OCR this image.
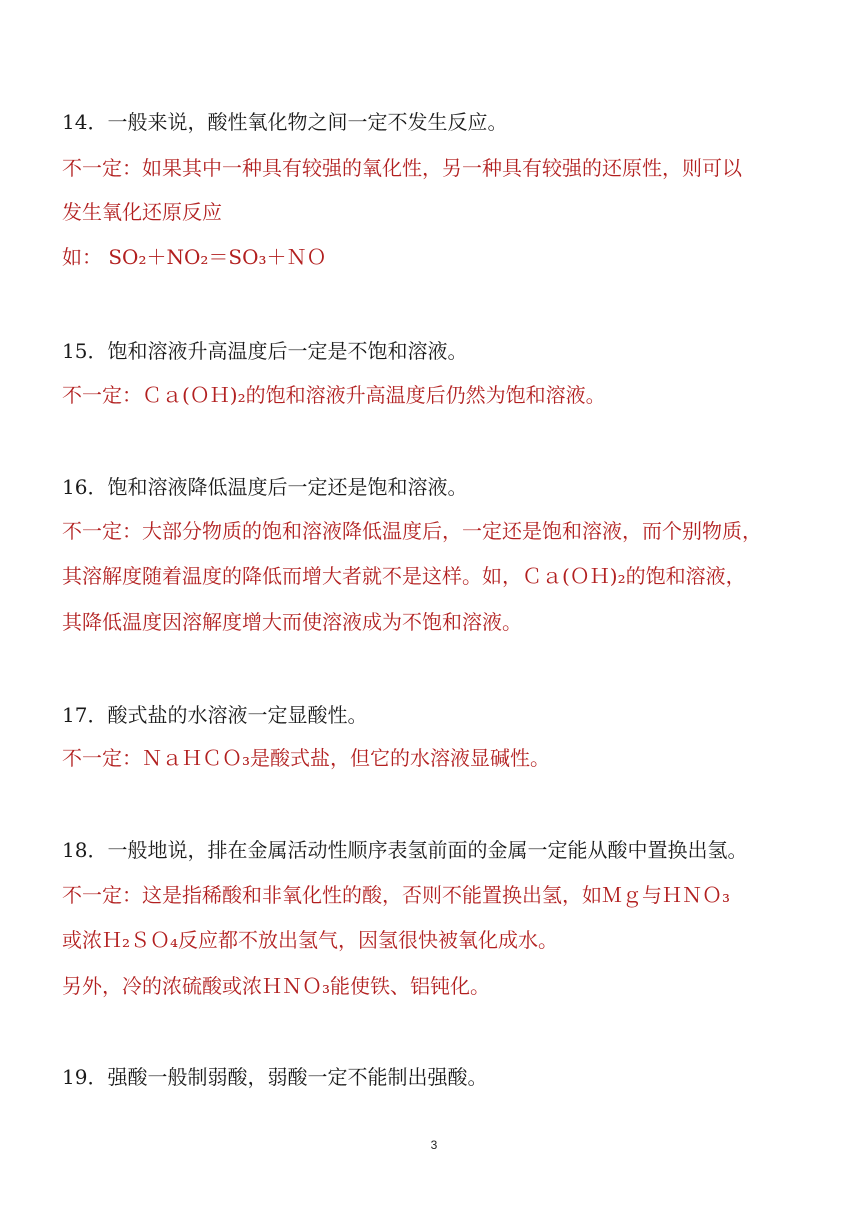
14．一般来说，酸性氧化物之间一定不发生反应。
不一定：如果其中一种具有较强的氧化性，另一种具有较强的还原性，则可以
发生氧化还原反应
如： SO₂＋NO₂＝SO₃＋ＮＯ
15．饱和溶液升高温度后一定是不饱和溶液。
不一定：Ｃａ(ＯＨ)₂的饱和溶液升高温度后仍然为饱和溶液。
16．饱和溶液降低温度后一定还是饱和溶液。
不一定：大部分物质的饱和溶液降低温度后，一定还是饱和溶液，而个别物质，
其溶解度随着温度的降低而增大者就不是这样。如，Ｃａ(ＯＨ)₂的饱和溶液，
其降低温度因溶解度增大而使溶液成为不饱和溶液。
17．酸式盐的水溶液一定显酸性。
不一定：ＮａＨＣＯ₃是酸式盐，但它的水溶液显碱性。
18．一般地说，排在金属活动性顺序表氢前面的金属一定能从酸中置换出氢。
不一定：这是指稀酸和非氧化性的酸，否则不能置换出氢，如Ｍｇ与ＨＮＯ₃
或浓Ｈ₂ＳＯ₄反应都不放出氢气，因氢很快被氧化成水。
另外，冷的浓硫酸或浓ＨＮＯ₃能使铁、铝钝化。
19．强酸一般制弱酸，弱酸一定不能制出强酸。
3
